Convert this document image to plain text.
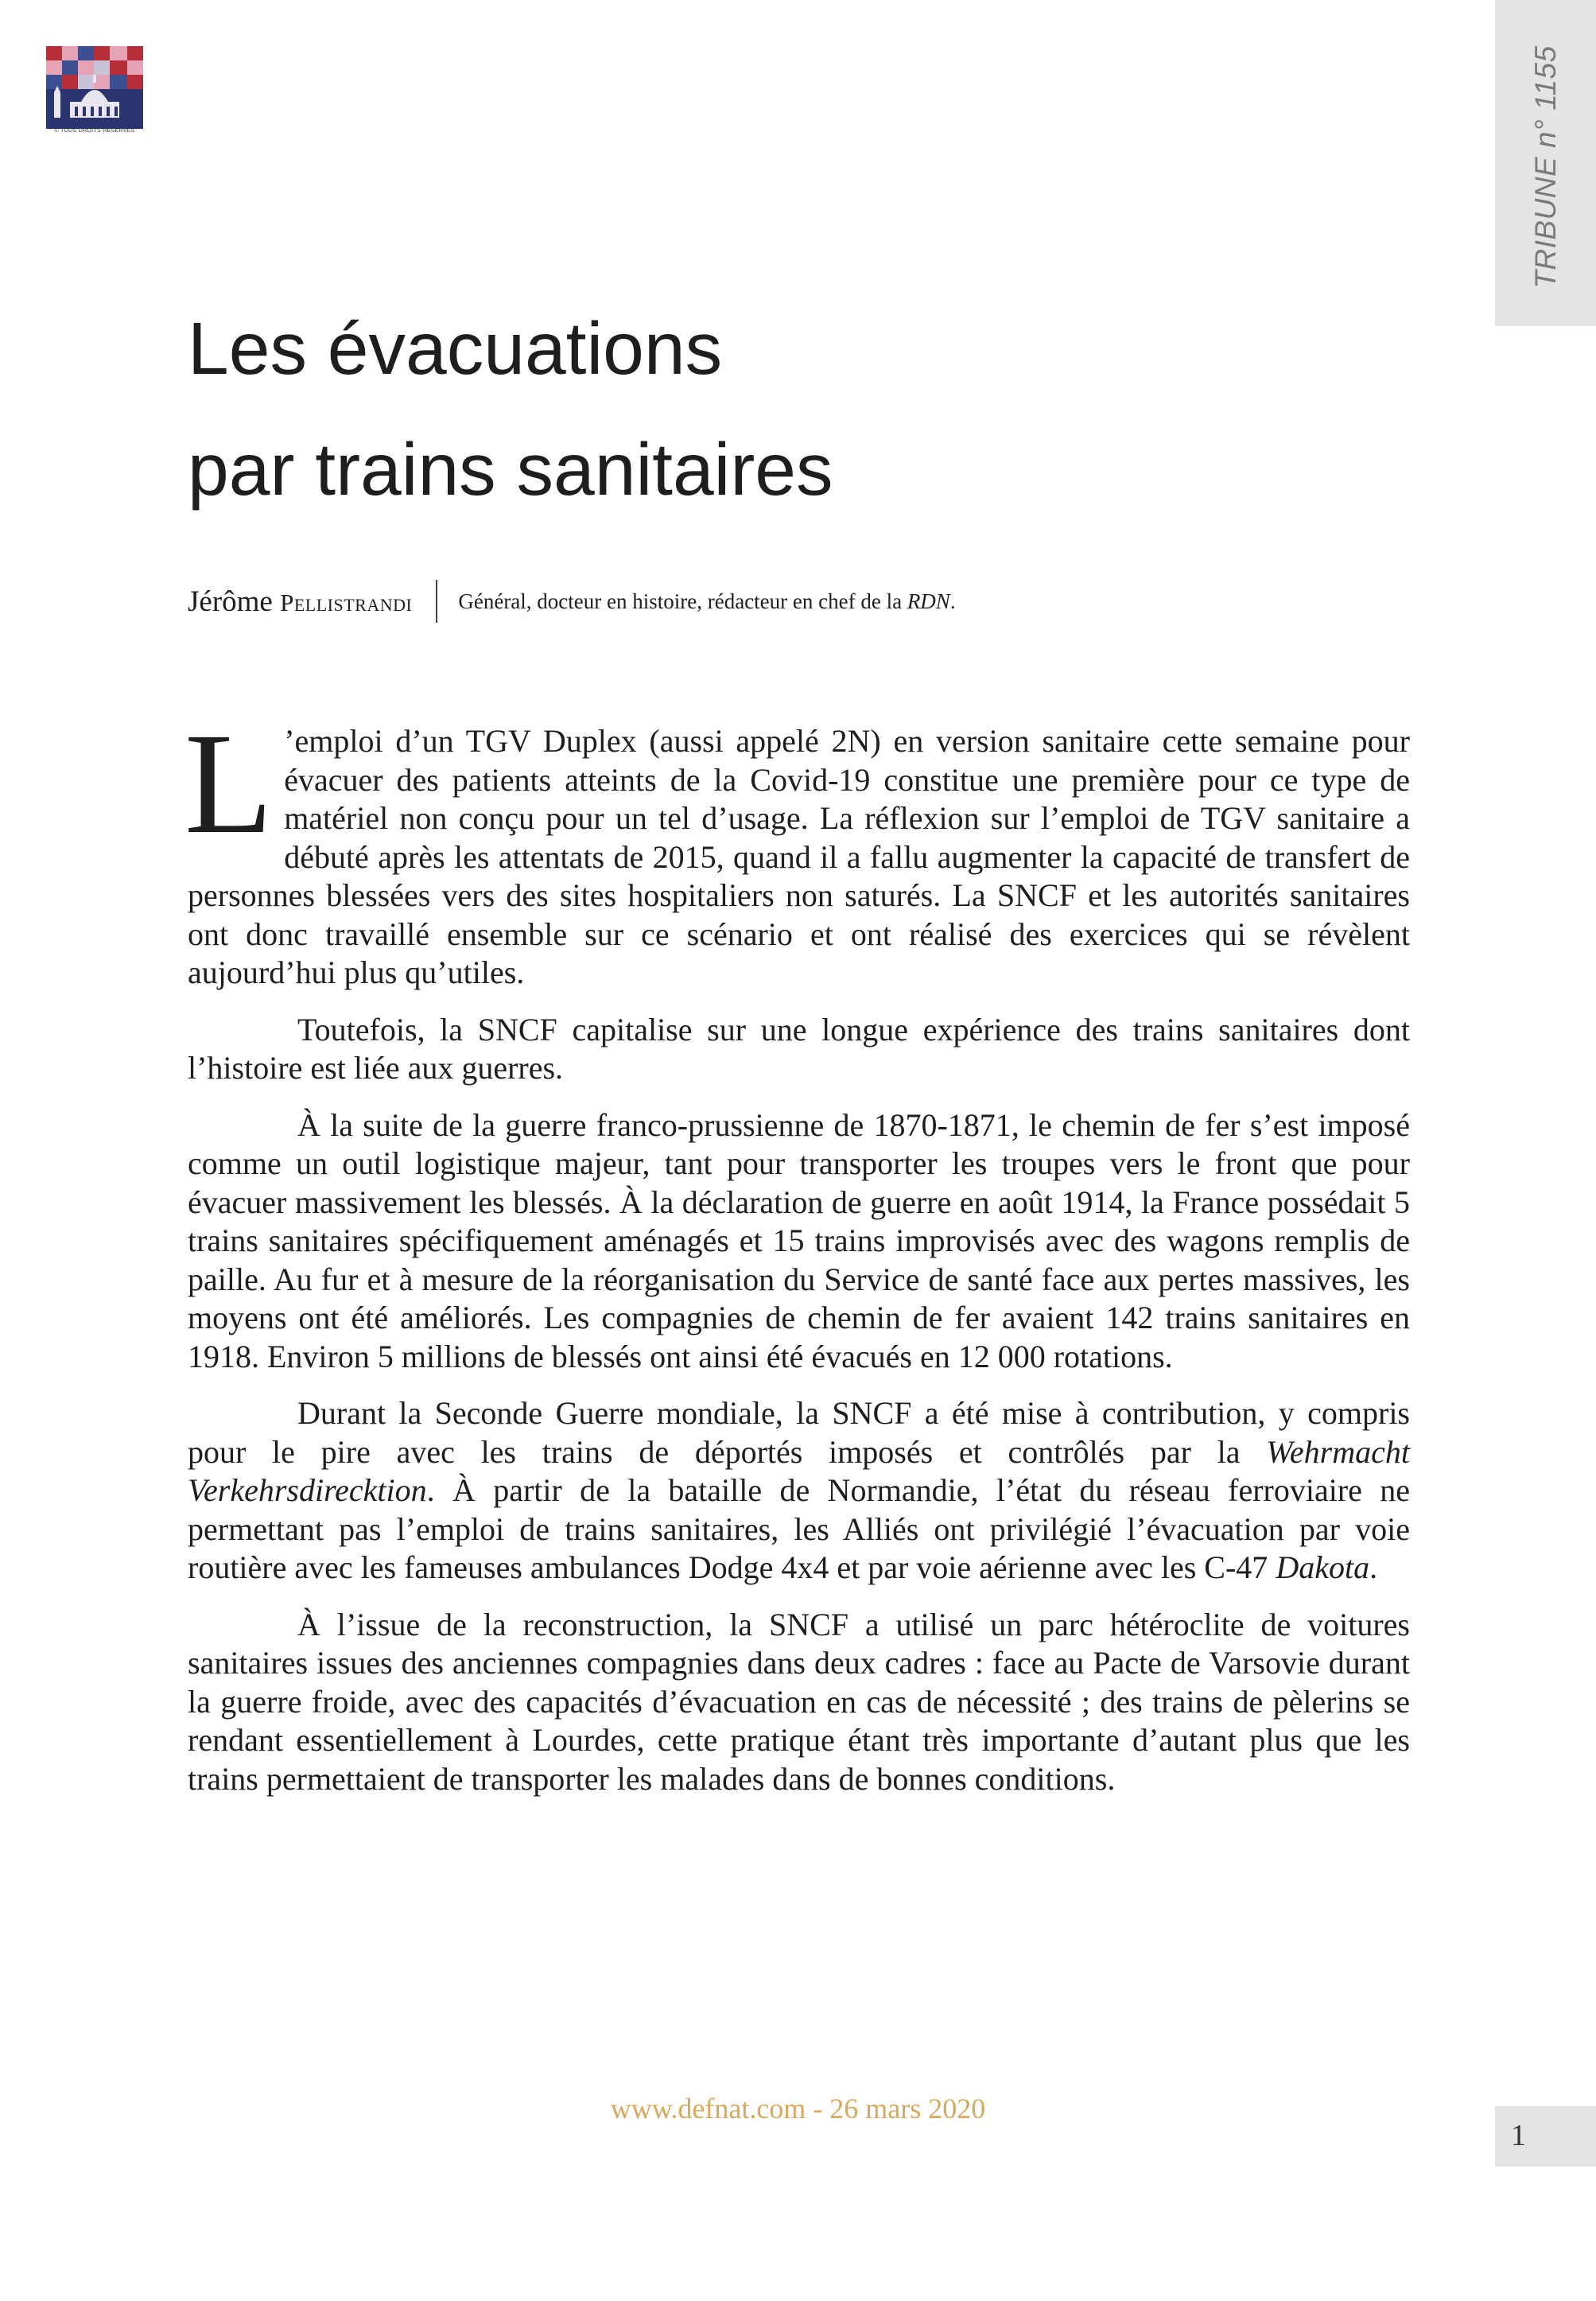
© TOUS DROITS RÉSERVÉS	TRIBUNE n° 1155
Les évacuations
par trains sanitaires
Jérôme Pellistrandi Général, docteur en histoire, rédacteur en chef de la RDN.

L ’emploi d’un TGV Duplex (aussi appelé 2N) en version sanitaire cette semaine pour évacuer des patients atteints de la Covid-19 constitue une première pour ce type de matériel non conçu pour un tel d’usage. La réflexion sur l’emploi de TGV sanitaire a débuté après les attentats de 2015, quand il a fallu augmenter la capacité de transfert de personnes blessées vers des sites hospitaliers non saturés. La SNCF et les autorités sanitaires ont donc travaillé ensemble sur ce scénario et ont réalisé des exercices qui se révèlent aujourd’hui plus qu’utiles.

Toutefois, la SNCF capitalise sur une longue expérience des trains sanitaires dont l’histoire est liée aux guerres.

À la suite de la guerre franco-prussienne de 1870-1871, le chemin de fer s’est imposé comme un outil logistique majeur, tant pour transporter les troupes vers le front que pour évacuer massivement les blessés. À la déclaration de guerre en août 1914, la France possédait 5 trains sanitaires spécifiquement aménagés et 15 trains improvisés avec des wagons remplis de paille. Au fur et à mesure de la réorganisation du Service de santé face aux pertes massives, les moyens ont été améliorés. Les compagnies de chemin de fer avaient 142 trains sanitaires en 1918. Environ 5 millions de blessés ont ainsi été évacués en 12 000 rotations.

Durant la Seconde Guerre mondiale, la SNCF a été mise à contribution, y compris pour le pire avec les trains de déportés imposés et contrôlés par la Wehrmacht Verkehrsdirecktion. À partir de la bataille de Normandie, l’état du réseau ferroviaire ne permettant pas l’emploi de trains sanitaires, les Alliés ont privilégié l’évacuation par voie routière avec les fameuses ambulances Dodge 4x4 et par voie aérienne avec les C-47 Dakota.

À l’issue de la reconstruction, la SNCF a utilisé un parc hétéroclite de voitures sanitaires issues des anciennes compagnies dans deux cadres : face au Pacte de Varsovie durant la guerre froide, avec des capacités d’évacuation en cas de nécessité ; des trains de pèlerins se rendant essentiellement à Lourdes, cette pratique étant très importante d’autant plus que les trains permettaient de transporter les malades dans de bonnes conditions.

www.defnat.com - 26 mars 2020
1
